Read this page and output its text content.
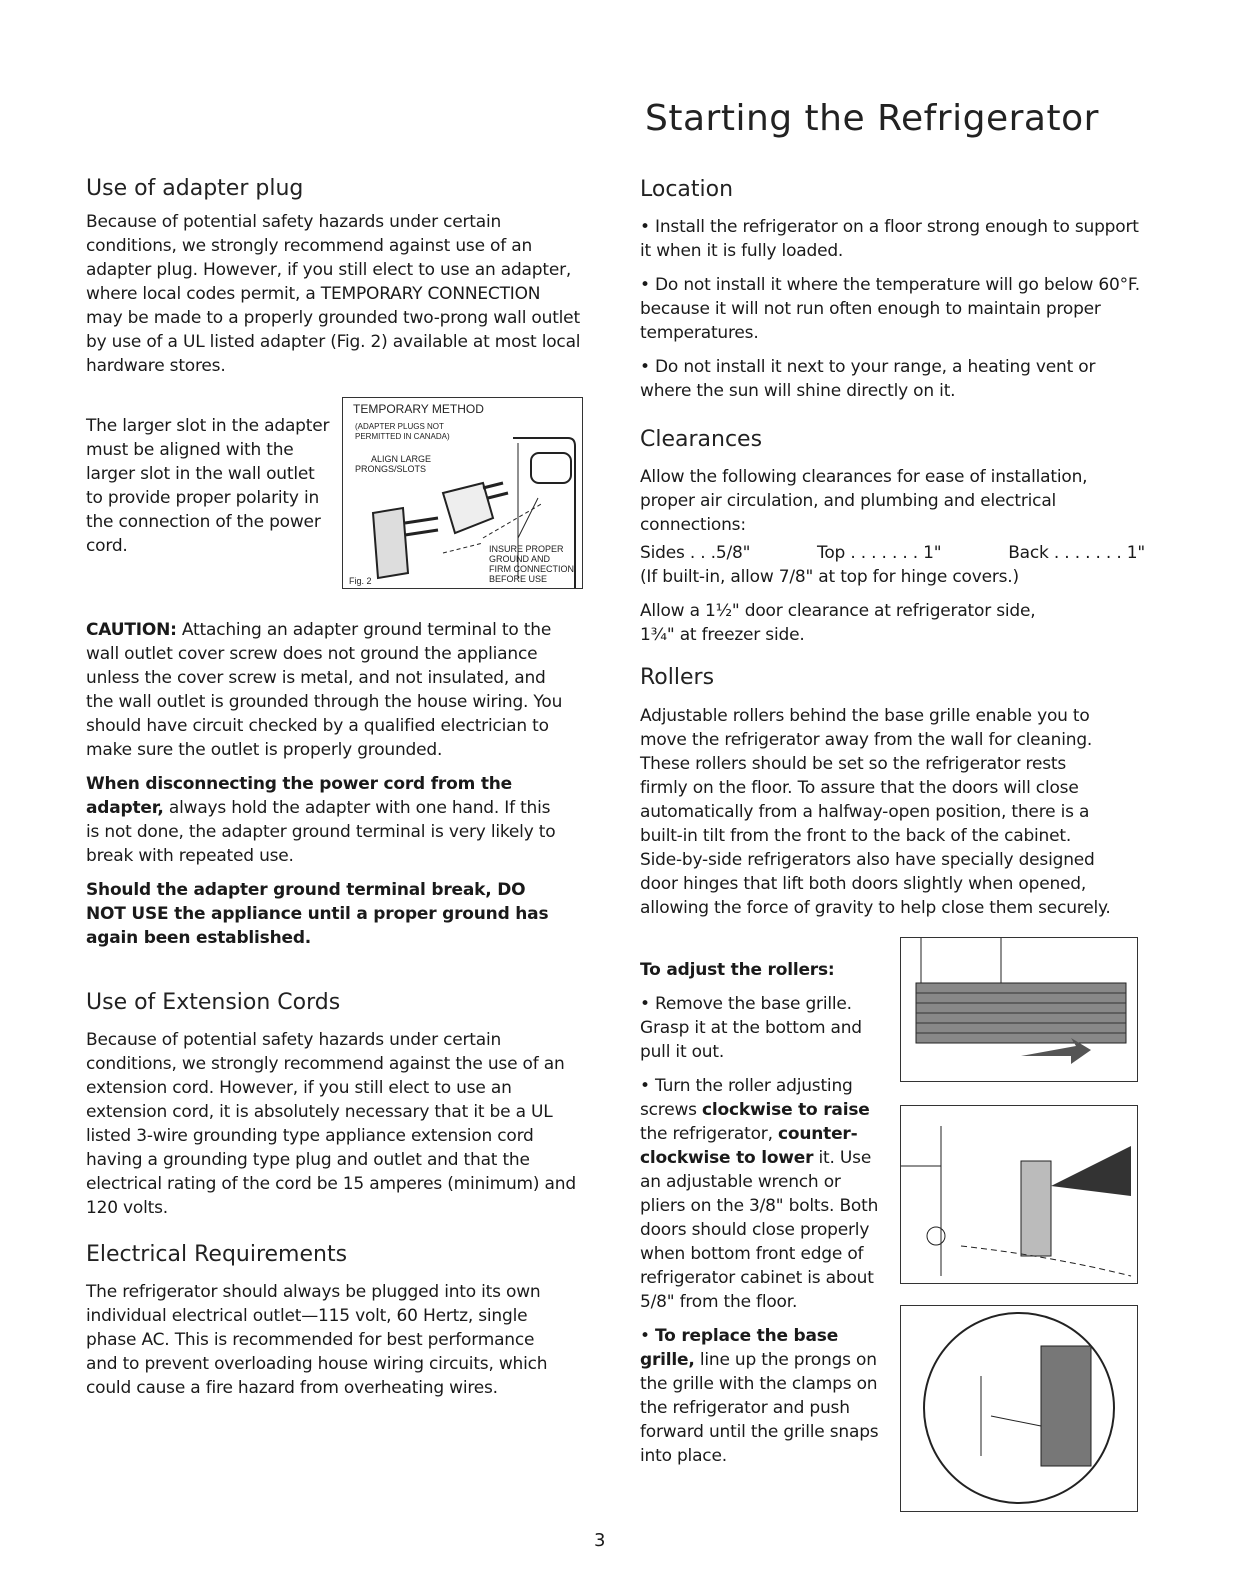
Starting the Refrigerator
Use of adapter plug

Because of potential safety hazards under certain conditions, we strongly recommend against use of an adapter plug. However, if you still elect to use an adapter, where local codes permit, a TEMPORARY CONNECTION may be made to a properly grounded two-prong wall outlet by use of a UL listed adapter (Fig. 2) available at most local hardware stores.

The larger slot in the adapter must be aligned with the larger slot in the wall outlet to provide proper polarity in the connection of the power cord.

TEMPORARY METHOD
(ADAPTER PLUGS NOT
PERMITTED IN CANADA)
ALIGN LARGE
PRONGS/SLOTS
INSURE PROPER
GROUND AND
FIRM CONNECTION
BEFORE USE
Fig. 2

CAUTION: Attaching an adapter ground terminal to the wall outlet cover screw does not ground the appliance unless the cover screw is metal, and not insulated, and the wall outlet is grounded through the house wiring. You should have circuit checked by a qualified electrician to make sure the outlet is properly grounded.

When disconnecting the power cord from the adapter, always hold the adapter with one hand. If this is not done, the adapter ground terminal is very likely to break with repeated use.

Should the adapter ground terminal break, DO NOT USE the appliance until a proper ground has again been established.

Use of Extension Cords

Because of potential safety hazards under certain conditions, we strongly recommend against the use of an extension cord. However, if you still elect to use an extension cord, it is absolutely necessary that it be a UL listed 3-wire grounding type appliance extension cord having a grounding type plug and outlet and that the electrical rating of the cord be 15 amperes (minimum) and 120 volts.

Electrical Requirements

The refrigerator should always be plugged into its own individual electrical outlet—115 volt, 60 Hertz, single phase AC. This is recommended for best performance and to prevent overloading house wiring circuits, which could cause a fire hazard from overheating wires.

Location

• Install the refrigerator on a floor strong enough to support it when it is fully loaded.

• Do not install it where the temperature will go below 60°F. because it will not run often enough to maintain proper temperatures.

• Do not install it next to your range, a heating vent or where the sun will shine directly on it.

Clearances

Allow the following clearances for ease of installation, proper air circulation, and plumbing and electrical connections:

Sides . . .5/8"	Top . . . . . . . 1"	Back . . . . . . . 1"

(If built-in, allow 7/8" at top for hinge covers.)

Allow a 1½" door clearance at refrigerator side, 1¾" at freezer side.

Rollers

Adjustable rollers behind the base grille enable you to move the refrigerator away from the wall for cleaning. These rollers should be set so the refrigerator rests firmly on the floor. To assure that the doors will close automatically from a halfway-open position, there is a built-in tilt from the front to the back of the cabinet. Side-by-side refrigerators also have specially designed door hinges that lift both doors slightly when opened, allowing the force of gravity to help close them securely.

To adjust the rollers:

• Remove the base grille. Grasp it at the bottom and pull it out.

• Turn the roller adjusting screws clockwise to raise the refrigerator, counter-clockwise to lower it. Use an adjustable wrench or pliers on the 3/8" bolts. Both doors should close properly when bottom front edge of refrigerator cabinet is about 5/8" from the floor.

• To replace the base grille, line up the prongs on the grille with the clamps on the refrigerator and push forward until the grille snaps into place.

3
